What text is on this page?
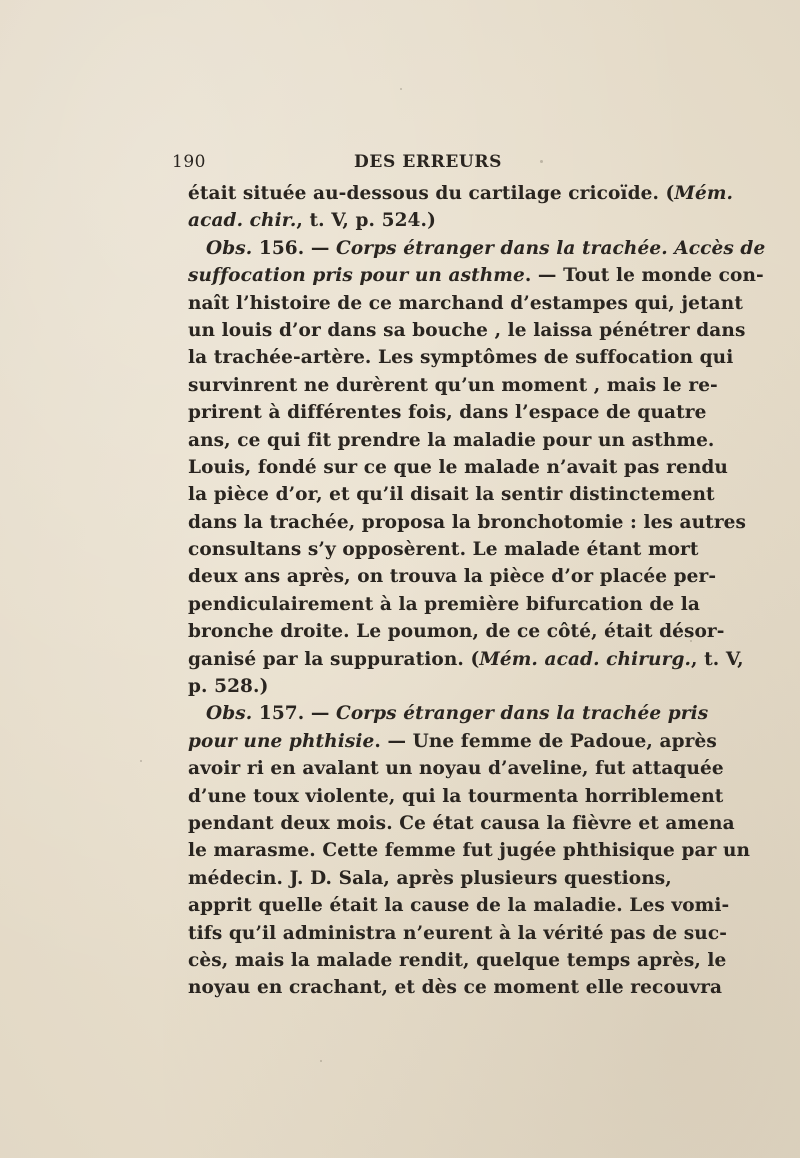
190	DES ERREURS
était située au-dessous du cartilage cricoïde. (Mém.
acad. chir., t. V, p. 524.)
Obs. 156. — Corps étranger dans la trachée. Accès de
suffocation pris pour un asthme. — Tout le monde con-
naît l’histoire de ce marchand d’estampes qui, jetant
un louis d’or dans sa bouche , le laissa pénétrer dans
la trachée-artère. Les symptômes de suffocation qui
survinrent ne durèrent qu’un moment , mais le re-
prirent à différentes fois, dans l’espace de quatre
ans, ce qui fit prendre la maladie pour un asthme.
Louis, fondé sur ce que le malade n’avait pas rendu
la pièce d’or, et qu’il disait la sentir distinctement
dans la trachée, proposa la bronchotomie : les autres
consultans s’y opposèrent. Le malade étant mort
deux ans après, on trouva la pièce d’or placée per-
pendiculairement à la première bifurcation de la
bronche droite. Le poumon, de ce côté, était désor-
ganisé par la suppuration. (Mém. acad. chirurg., t. V,
p. 528.)
Obs. 157. — Corps étranger dans la trachée pris
pour une phthisie. — Une femme de Padoue, après
avoir ri en avalant un noyau d’aveline, fut attaquée
d’une toux violente, qui la tourmenta horriblement
pendant deux mois. Ce état causa la fièvre et amena
le marasme. Cette femme fut jugée phthisique par un
médecin. J. D. Sala, après plusieurs questions,
apprit quelle était la cause de la maladie. Les vomi-
tifs qu’il administra n’eurent à la vérité pas de suc-
cès, mais la malade rendit, quelque temps après, le
noyau en crachant, et dès ce moment elle recouvra
